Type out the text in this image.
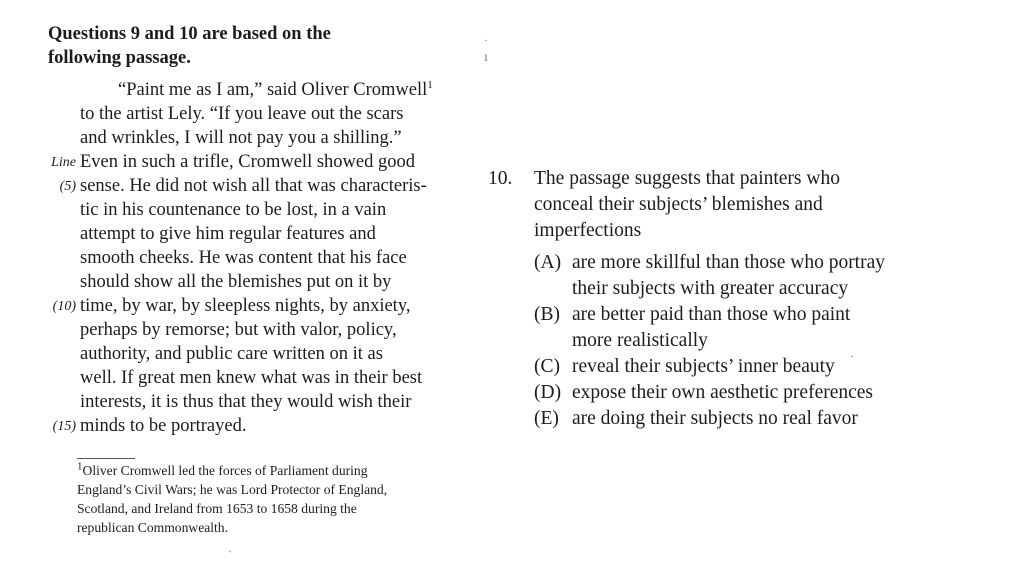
Questions 9 and 10 are based on the
following passage.
“Paint me as I am,” said Oliver Cromwell$^1$
to the artist Lely. “If you leave out the scars
and wrinkles, I will not pay you a shilling.”
Line Even in such a trifle, Cromwell showed good
(5) sense. He did not wish all that was characteris-
tic in his countenance to be lost, in a vain
attempt to give him regular features and
smooth cheeks. He was content that his face
should show all the blemishes put on it by
(10) time, by war, by sleepless nights, by anxiety,
perhaps by remorse; but with valor, policy,
authority, and public care written on it as
well. If great men knew what was in their best
interests, it is thus that they would wish their
(15) minds to be portrayed.
$^1$Oliver Cromwell led the forces of Parliament during
England’s Civil Wars; he was Lord Protector of England,
Scotland, and Ireland from 1653 to 1658 during the
republican Commonwealth.
·
ı
·
ˏ
10. The passage suggests that painters who
conceal their subjects’ blemishes and
imperfections
(A) are more skillful than those who portray
their subjects with greater accuracy
(B) are better paid than those who paint
more realistically
(C) reveal their subjects’ inner beauty
(D) expose their own aesthetic preferences
(E) are doing their subjects no real favor
